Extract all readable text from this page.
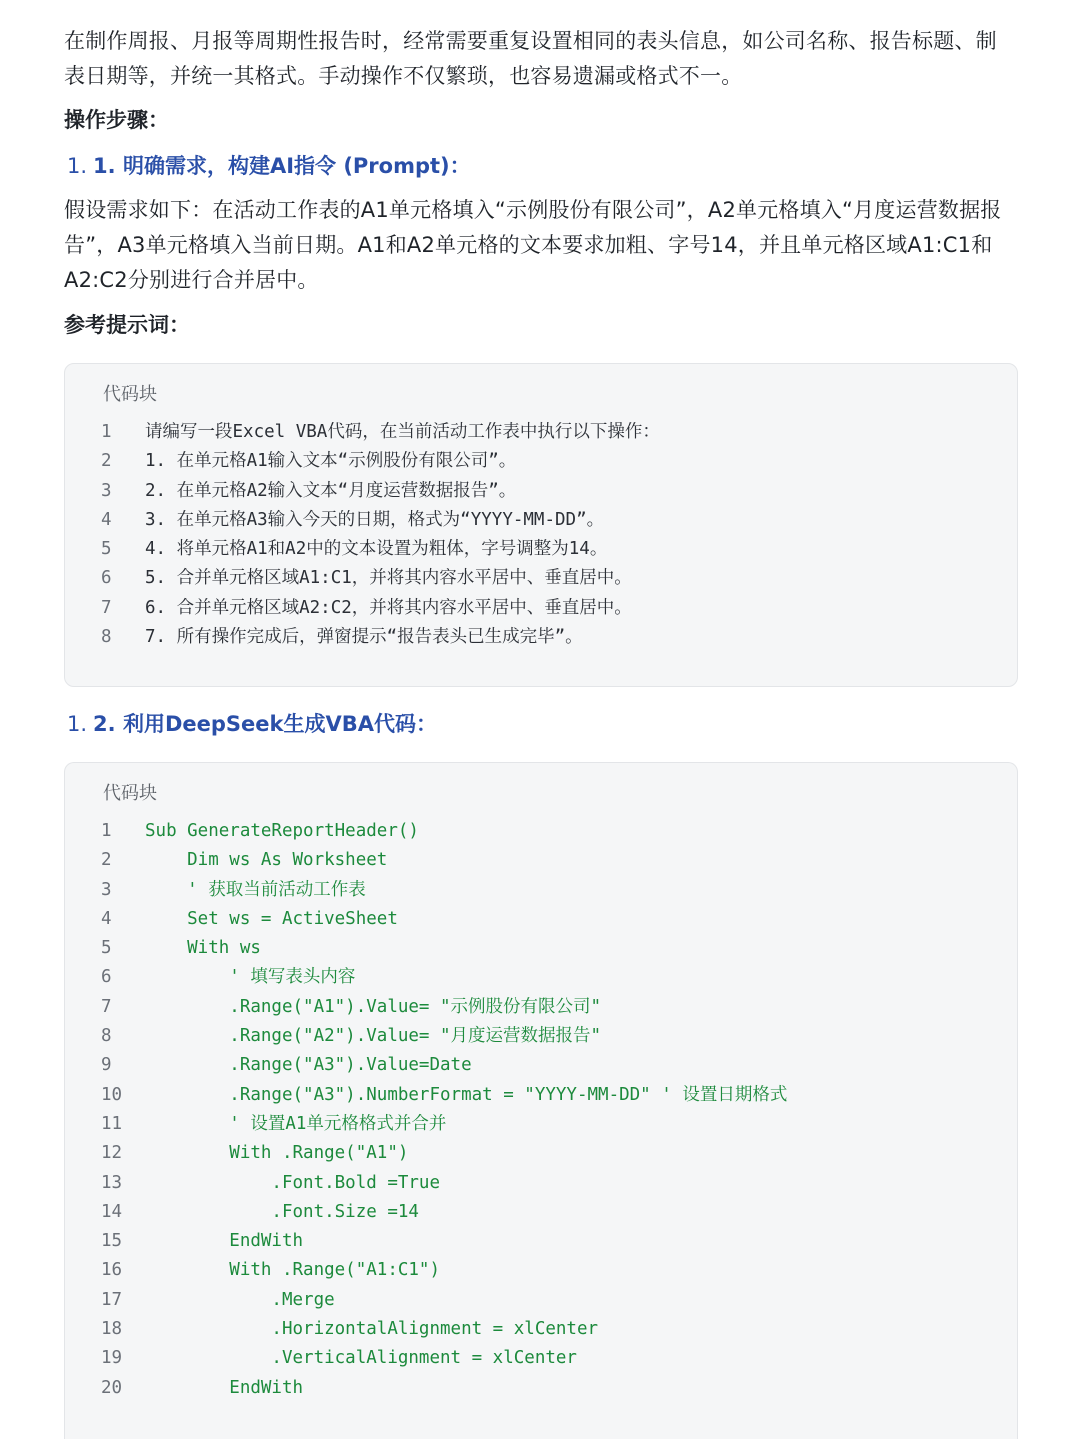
在制作周报、月报等周期性报告时，经常需要重复设置相同的表头信息，如公司名称、报告标题、制表日期等，并统一其格式。手动操作不仅繁琐，也容易遗漏或格式不一。

操作步骤：

1. 1. 明确需求，构建AI指令 (Prompt)：

假设需求如下：在活动工作表的A1单元格填入“示例股份有限公司”，A2单元格填入“月度运营数据报告”，A3单元格填入当前日期。A1和A2单元格的文本要求加粗、字号14，并且单元格区域A1:C1和A2:C2分别进行合并居中。

参考提示词：

代码块
1	请编写一段Excel VBA代码，在当前活动工作表中执行以下操作：
2	1. 在单元格A1输入文本“示例股份有限公司”。
3	2. 在单元格A2输入文本“月度运营数据报告”。
4	3. 在单元格A3输入今天的日期，格式为“YYYY-MM-DD”。
5	4. 将单元格A1和A2中的文本设置为粗体，字号调整为14。
6	5. 合并单元格区域A1:C1，并将其内容水平居中、垂直居中。
7	6. 合并单元格区域A2:C2，并将其内容水平居中、垂直居中。
8	7. 所有操作完成后，弹窗提示“报告表头已生成完毕”。

1. 2. 利用DeepSeek生成VBA代码：

代码块
1	Sub GenerateReportHeader()
2	Dim ws As Worksheet
3	' 获取当前活动工作表
4	Set ws = ActiveSheet
5	With ws
6	' 填写表头内容
7	.Range("A1").Value= "示例股份有限公司"
8	.Range("A2").Value= "月度运营数据报告"
9	.Range("A3").Value=Date
10	.Range("A3").NumberFormat = "YYYY-MM-DD" ' 设置日期格式
11	' 设置A1单元格格式并合并
12	With .Range("A1")
13	.Font.Bold =True
14	.Font.Size =14
15	EndWith
16	With .Range("A1:C1")
17	.Merge
18	.HorizontalAlignment = xlCenter
19	.VerticalAlignment = xlCenter
20	EndWith
